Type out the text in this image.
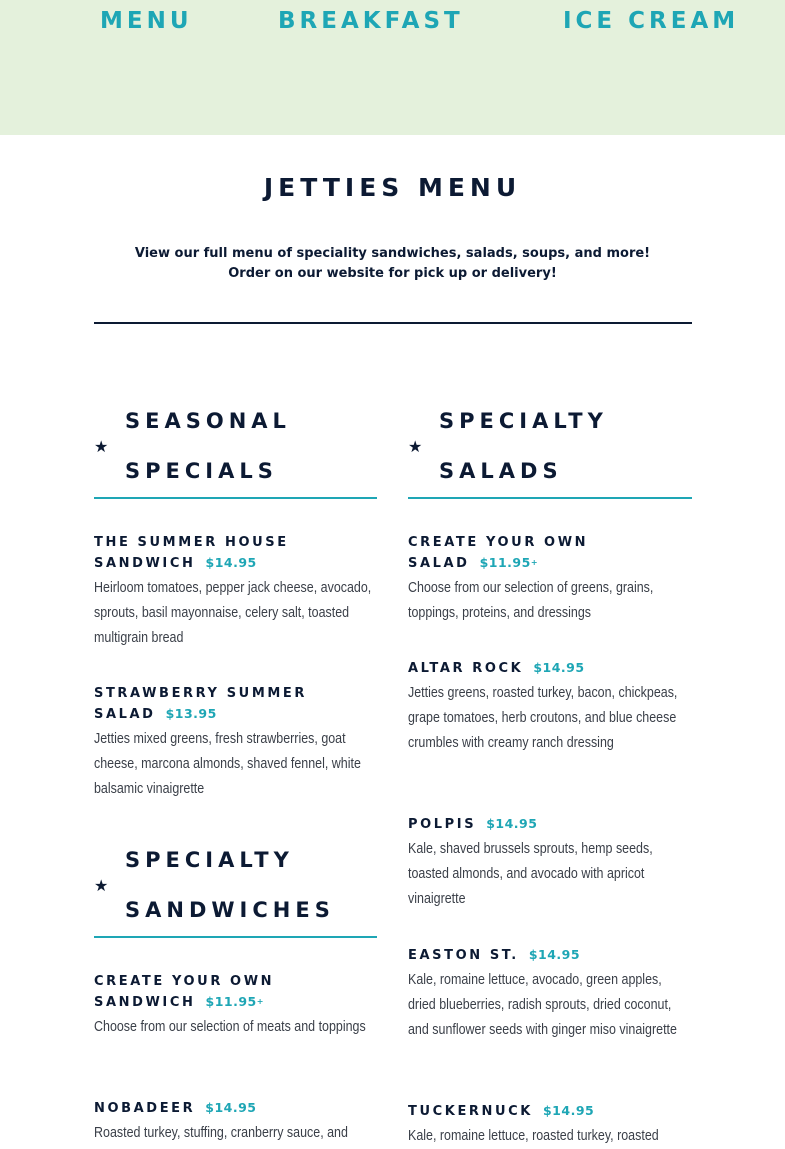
MENU	BREAKFAST	ICE CREAM
JETTIES MENU
View our full menu of speciality sandwiches, salads, soups, and more!
Order on our website for pick up or delivery!
★
SEASONAL
SPECIALS
THE SUMMER HOUSE SANDWICH $14.95
Heirloom tomatoes, pepper jack cheese, avocado, sprouts, basil mayonnaise, celery salt, toasted multigrain bread
STRAWBERRY SUMMER SALAD $13.95
Jetties mixed greens, fresh strawberries, goat cheese, marcona almonds, shaved fennel, white balsamic vinaigrette
★
SPECIALTY
SANDWICHES
CREATE YOUR OWN SANDWICH $11.95+
Choose from our selection of meats and toppings
NOBADEER $14.95
Roasted turkey, stuffing, cranberry sauce, and
★
SPECIALTY
SALADS
CREATE YOUR OWN SALAD $11.95+
Choose from our selection of greens, grains, toppings, proteins, and dressings
ALTAR ROCK $14.95
Jetties greens, roasted turkey, bacon, chickpeas, grape tomatoes, herb croutons, and blue cheese crumbles with creamy ranch dressing
POLPIS $14.95
Kale, shaved brussels sprouts, hemp seeds, toasted almonds, and avocado with apricot vinaigrette
EASTON ST. $14.95
Kale, romaine lettuce, avocado, green apples, dried blueberries, radish sprouts, dried coconut, and sunflower seeds with ginger miso vinaigrette
TUCKERNUCK $14.95
Kale, romaine lettuce, roasted turkey, roasted
